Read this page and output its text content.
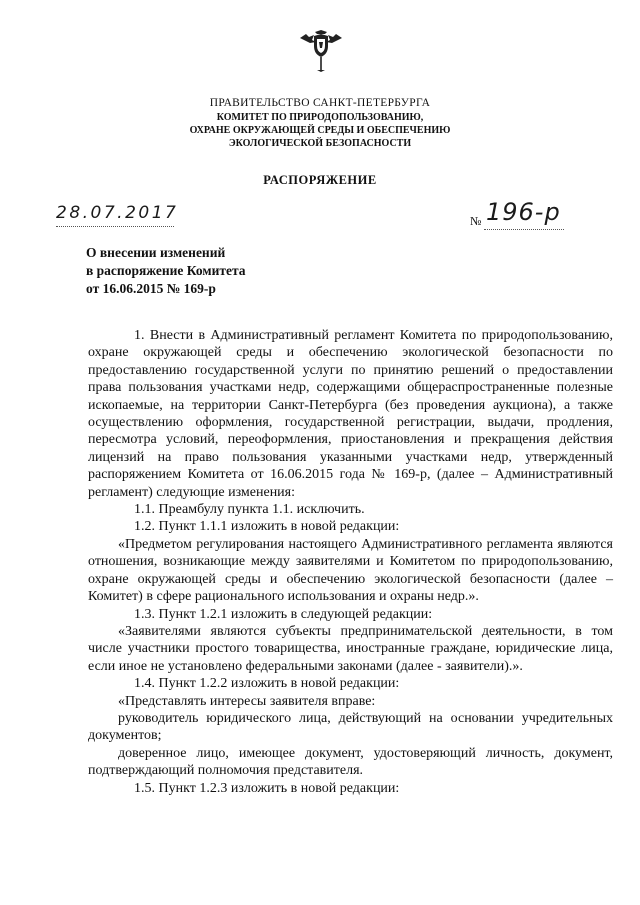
ПРАВИТЕЛЬСТВО САНКТ-ПЕТЕРБУРГА
КОМИТЕТ ПО ПРИРОДОПОЛЬЗОВАНИЮ,
ОХРАНЕ ОКРУЖАЮЩЕЙ СРЕДЫ И ОБЕСПЕЧЕНИЮ
ЭКОЛОГИЧЕСКОЙ БЕЗОПАСНОСТИ
РАСПОРЯЖЕНИЕ
28.07.2017	№ 196-р
О внесении изменений
в распоряжение Комитета
от 16.06.2015 № 169-р

1. Внести в Административный регламент Комитета по природопользованию, охране окружающей среды и обеспечению экологической безопасности по предоставлению государственной услуги по принятию решений о предоставлении права пользования участками недр, содержащими общераспространенные полезные ископаемые, на территории Санкт-Петербурга (без проведения аукциона), а также осуществлению оформления, государственной регистрации, выдачи, продления, пересмотра условий, переоформления, приостановления и прекращения действия лицензий на право пользования указанными участками недр, утвержденный распоряжением Комитета от 16.06.2015 года № 169-р, (далее – Административный регламент) следующие изменения:

1.1. Преамбулу пункта 1.1. исключить.

1.2. Пункт 1.1.1 изложить в новой редакции:

«Предметом регулирования настоящего Административного регламента являются отношения, возникающие между заявителями и Комитетом по природопользованию, охране окружающей среды и обеспечению экологической безопасности (далее – Комитет) в сфере рационального использования и охраны недр.».

1.3. Пункт 1.2.1 изложить в следующей редакции:

«Заявителями являются субъекты предпринимательской деятельности, в том числе участники простого товарищества, иностранные граждане, юридические лица, если иное не установлено федеральными законами (далее - заявители).».

1.4. Пункт 1.2.2 изложить в новой редакции:

«Представлять интересы заявителя вправе:

руководитель юридического лица, действующий на основании учредительных документов;

доверенное лицо, имеющее документ, удостоверяющий личность, документ, подтверждающий полномочия представителя.

1.5. Пункт 1.2.3 изложить в новой редакции:
